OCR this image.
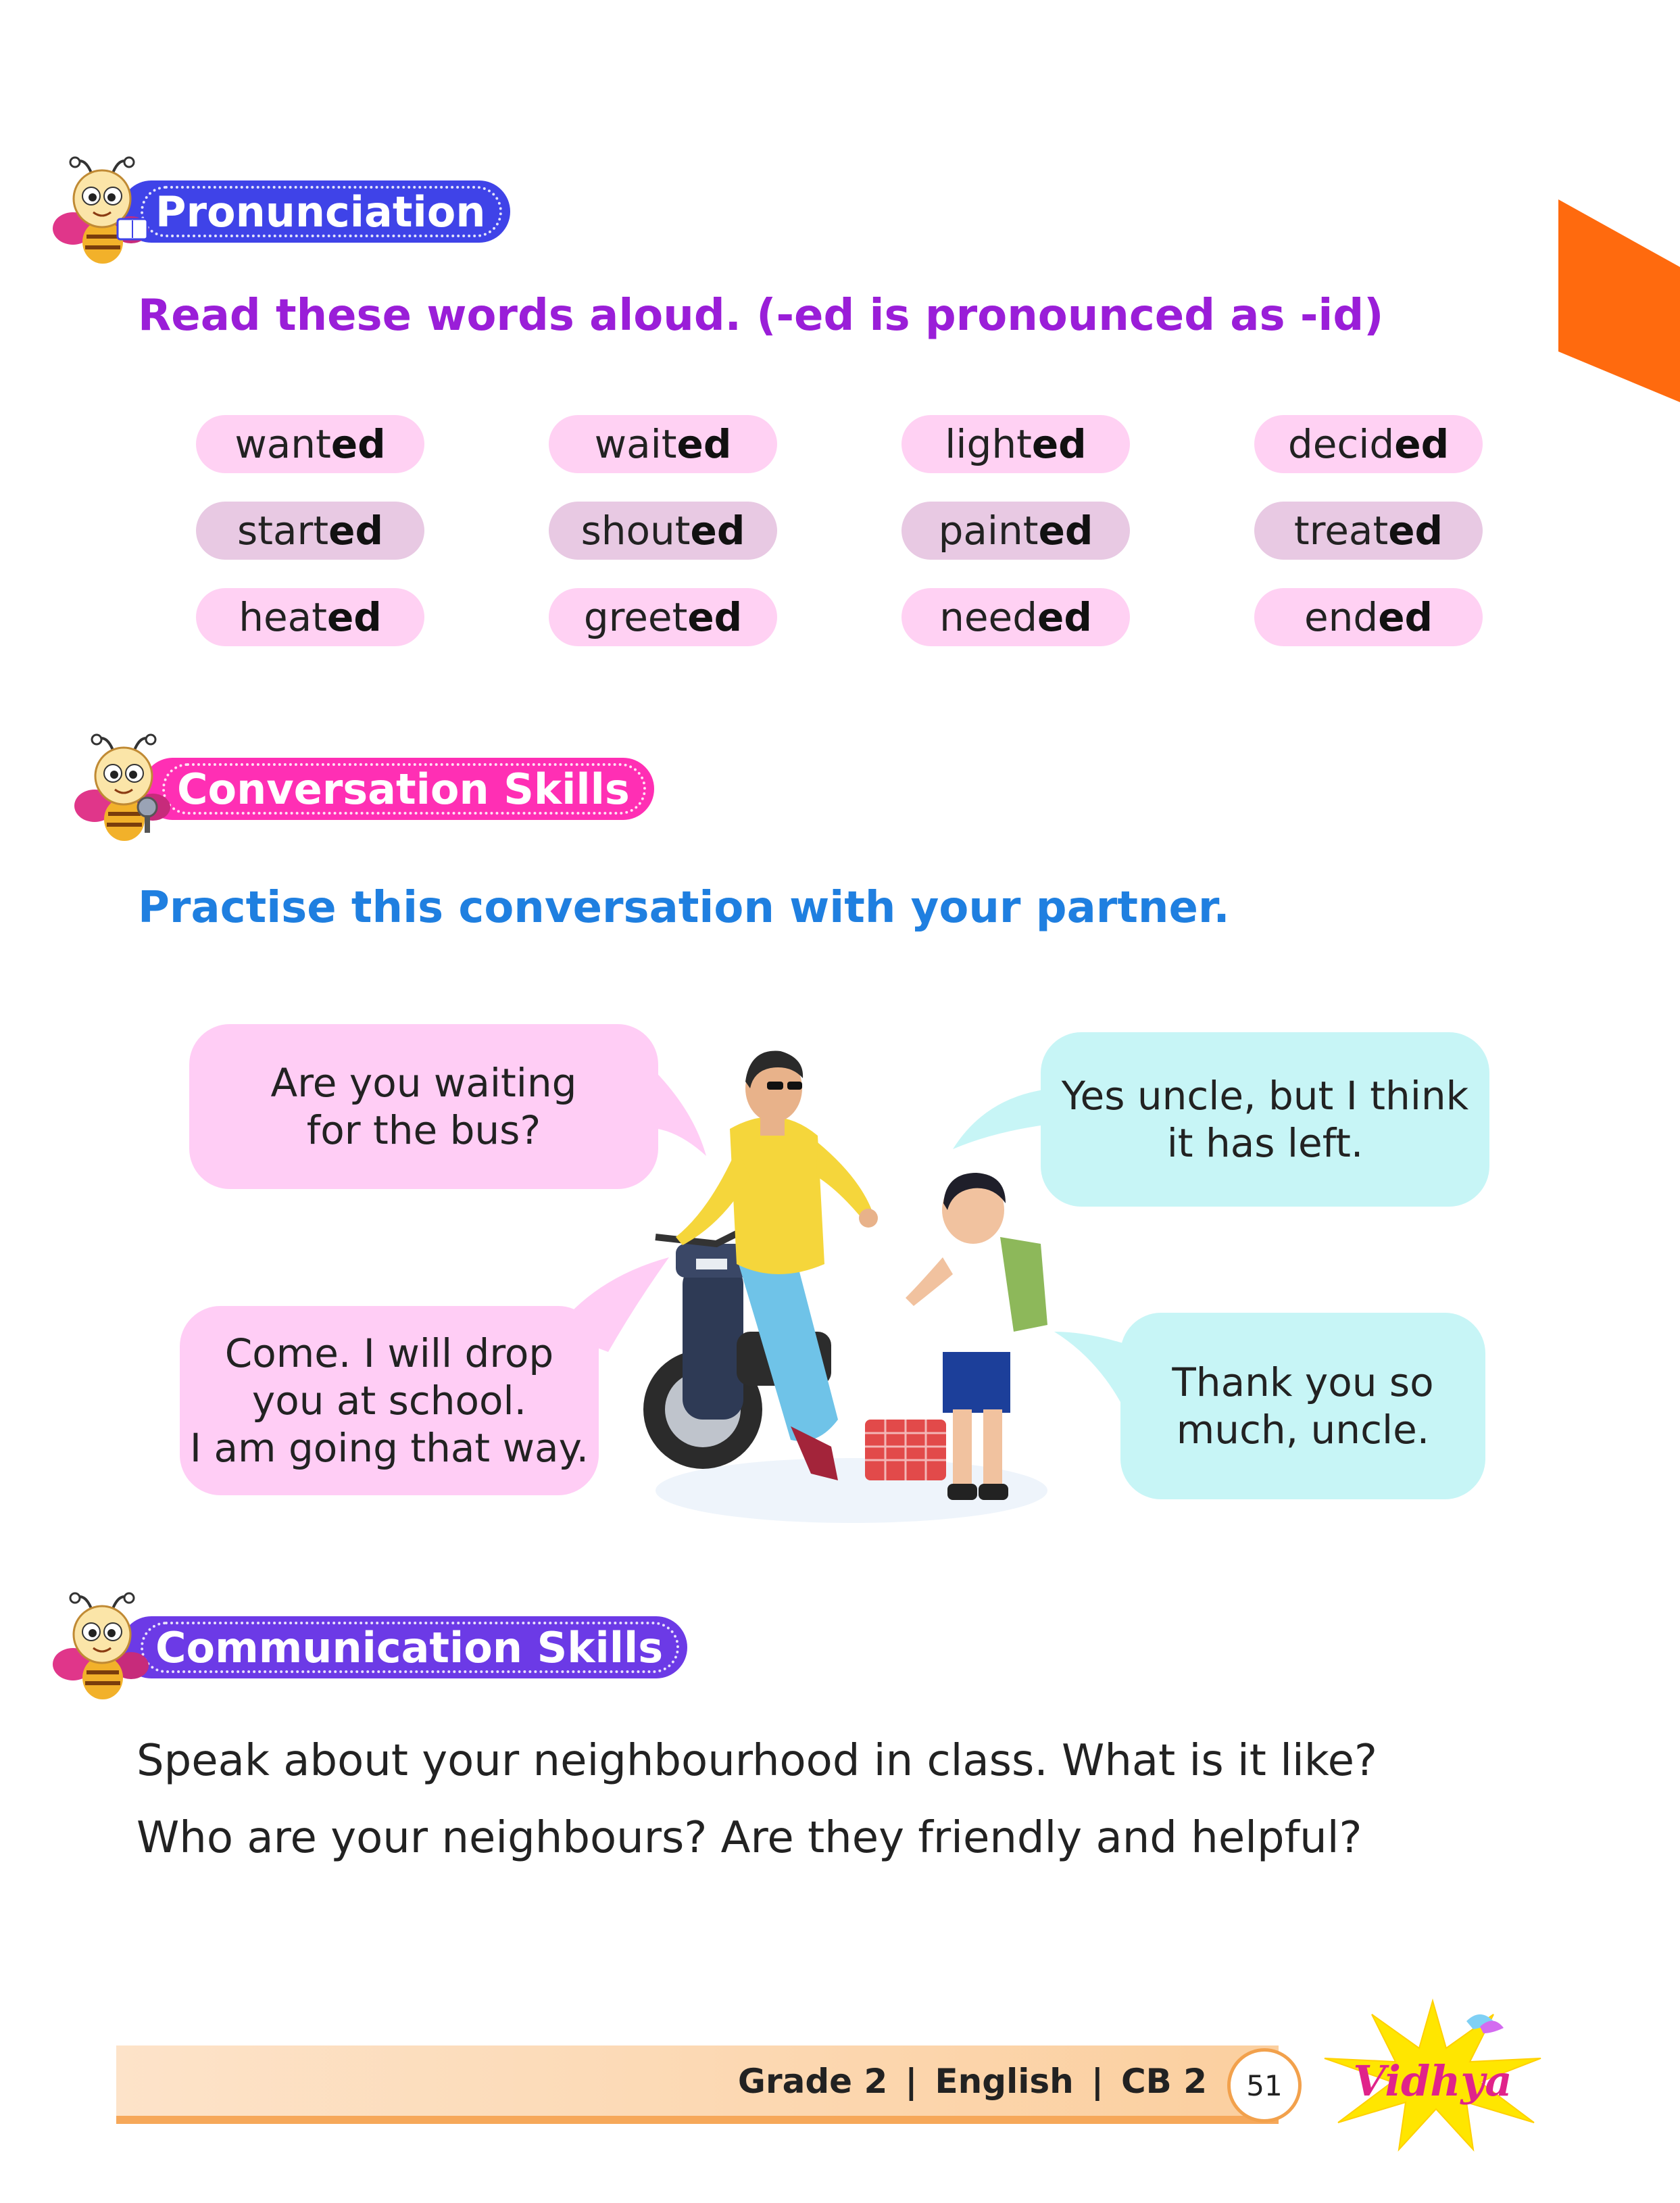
Pronunciation
Read these words aloud. (-ed is pronounced as -id)
want ed	wait ed	light ed	decid ed
start ed	shout ed	paint ed	treat ed
heat ed	greet ed	need ed	end ed
Conversation Skills
Practise this conversation with your partner.
Are you waiting
for the bus?
Yes uncle, but I think
it has left.
Come. I will drop
you at school.
I am going that way.
Thank you so
much, uncle.
Communication Skills
Speak about your neighbourhood in class. What is it like?
Who are your neighbours? Are they friendly and helpful?
Grade 2 | English | CB 2	51	Vidhya
